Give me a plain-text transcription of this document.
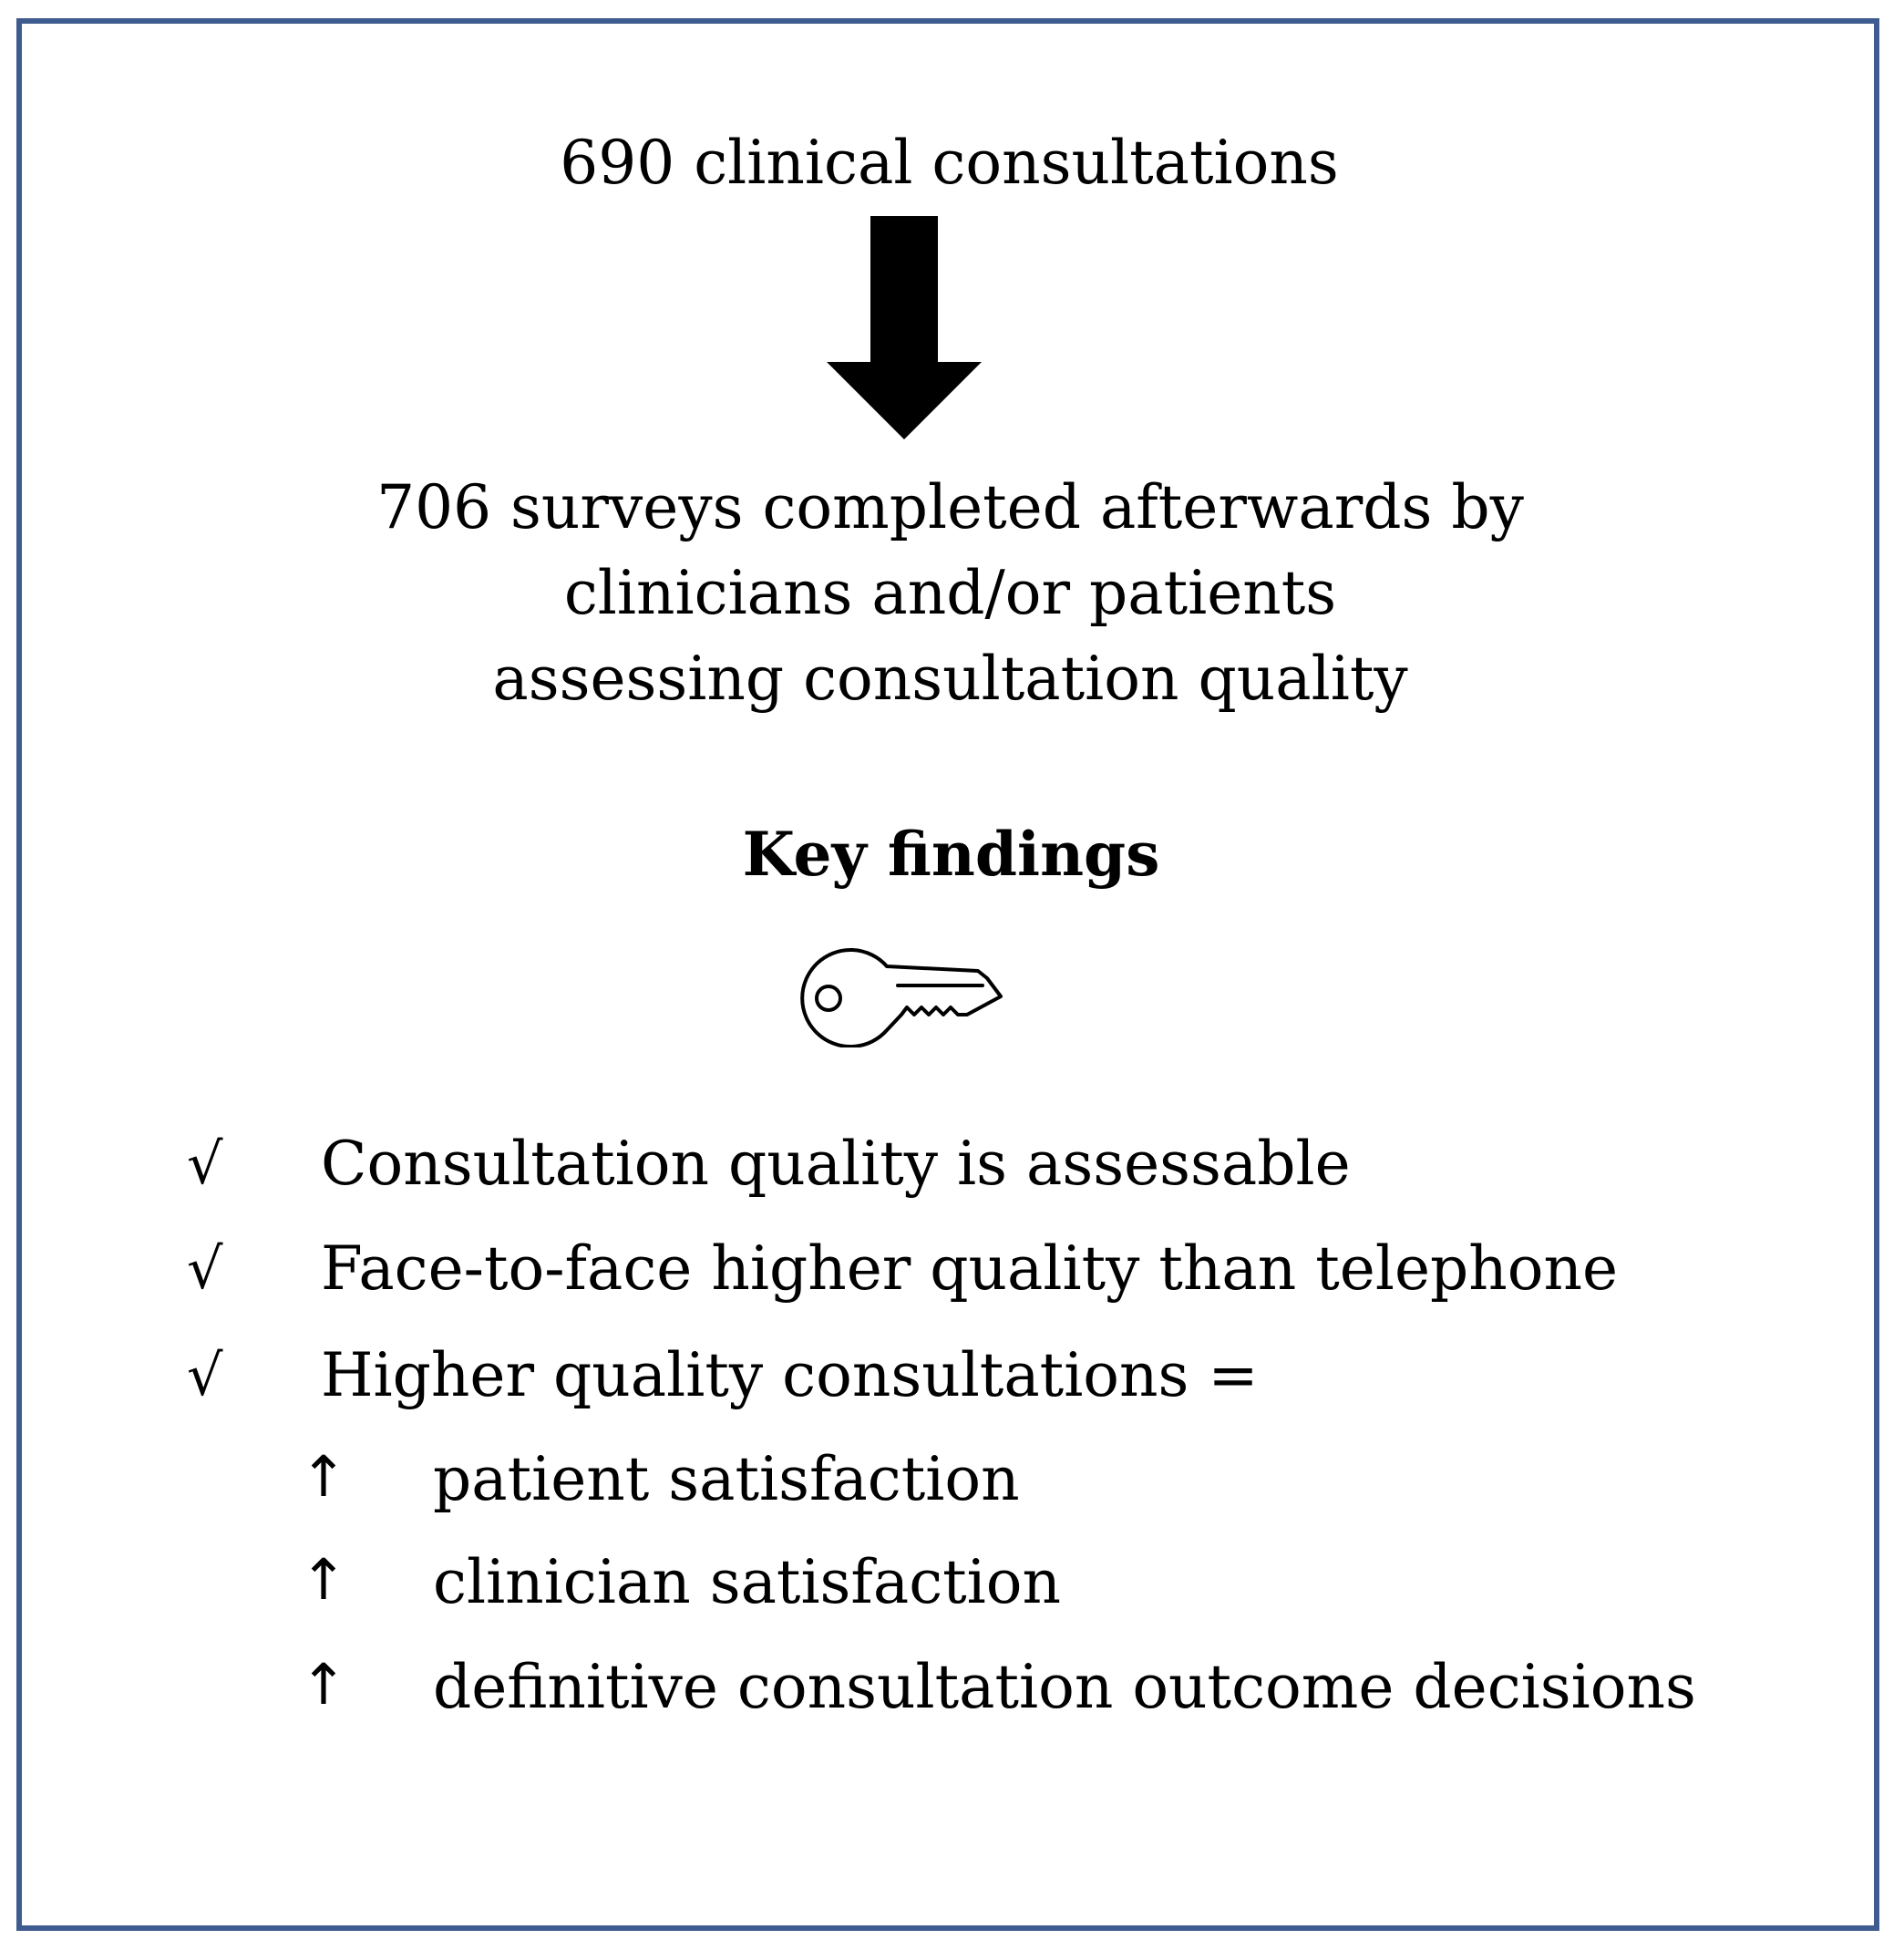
690 clinical consultations
706 surveys completed afterwards by
clinicians and/or patients
assessing consultation quality
Key findings
√ Consultation quality is assessable
√ Face-to-face higher quality than telephone
√ Higher quality consultations =
↑ patient satisfaction
↑ clinician satisfaction
↑ definitive consultation outcome decisions
